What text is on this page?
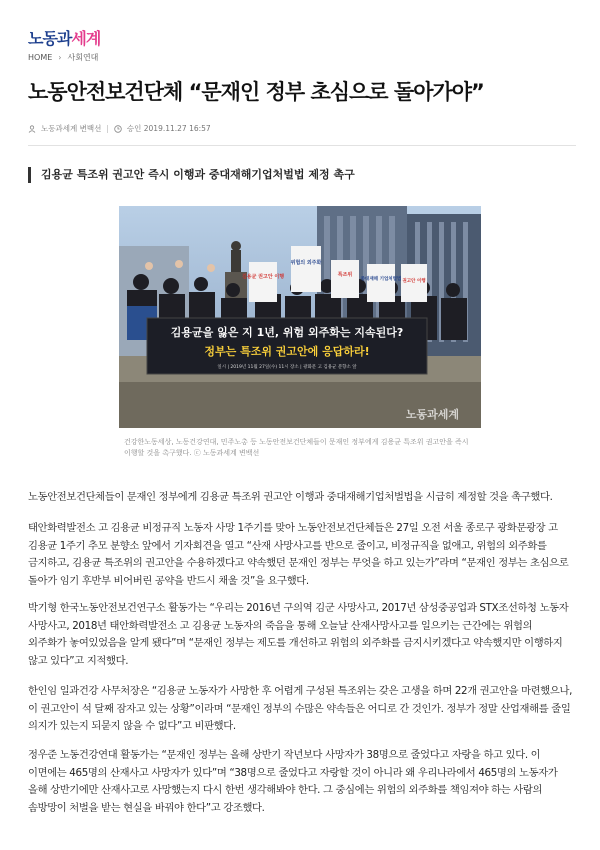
노동과세계
HOME › 사회연대
노동안전보건단체 “문재인 정부 초심으로 돌아가야”
노동과세계 변백선 | 승인 2019.11.27 16:57
김용균 특조위 권고안 즉시 이행과 중대재해기업처벌법 제정 촉구
김용균 권고안 이행
위험의 외주화
특조위
중대재해 기업처벌법 권고안 이행
김용균을 잃은 지 1년, 위험 외주화는 지속된다?
정부는 특조위 권고안에 응답하라!
일시 | 2019년 11월 27일(수) 11시 장소 | 광화문 고 김용균 분향소 앞
노동과세계
건강한노동세상, 노동건강연대, 민주노총 등 노동안전보건단체들이 문재인 정부에게 김용균 특조위 권고안을 즉시 이행할 것을 촉구했다. ⓒ 노동과세계 변백선

노동안전보건단체들이 문재인 정부에게 김용균 특조위 권고안 이행과 중대재해기업처벌법을 시급히 제정할 것을 촉구했다.

태안화력발전소 고 김용균 비정규직 노동자 사망 1주기를 맞아 노동안전보건단체들은 27일 오전 서울 종로구 광화문광장 고 김용균 1주기 추모 분향소 앞에서 기자회견을 열고 “산재 사망사고를 반으로 줄이고, 비정규직을 없애고, 위험의 외주화를 금지하고, 김용균 특조위의 권고안을 수용하겠다고 약속했던 문재인 정부는 무엇을 하고 있는가”라며 “문재인 정부는 초심으로 돌아가 임기 후반부 비어버린 공약을 반드시 채울 것”을 요구했다.

박기형 한국노동안전보건연구소 활동가는 “우리는 2016년 구의역 김군 사망사고, 2017년 삼성중공업과 STX조선하청 노동자 사망사고, 2018년 태안화력발전소 고 김용균 노동자의 죽음을 통해 오늘날 산재사망사고를 일으키는 근간에는 위험의 외주화가 놓여있었음을 알게 됐다”며 “문재인 정부는 제도를 개선하고 위험의 외주화를 금지시키겠다고 약속했지만 이행하지 않고 있다”고 지적했다.

한인임 일과건강 사무처장은 “김용균 노동자가 사망한 후 어렵게 구성된 특조위는 갖은 고생을 하며 22개 권고안을 마련했으나, 이 권고안이 석 달째 잠자고 있는 상황”이라며 “문재인 정부의 수많은 약속들은 어디로 간 것인가. 정부가 정말 산업재해를 줄일 의지가 있는지 되묻지 않을 수 없다”고 비판했다.

정우준 노동건강연대 활동가는 “문재인 정부는 올해 상반기 작년보다 사망자가 38명으로 줄었다고 자랑을 하고 있다. 이 이면에는 465명의 산재사고 사망자가 있다”며 “38명으로 줄었다고 자랑할 것이 아니라 왜 우리나라에서 465명의 노동자가 올해 상반기에만 산재사고로 사망했는지 다시 한번 생각해봐야 한다. 그 중심에는 위험의 외주화를 책임져야 하는 사람의 솜방망이 처벌을 받는 현실을 바꿔야 한다”고 강조했다.
